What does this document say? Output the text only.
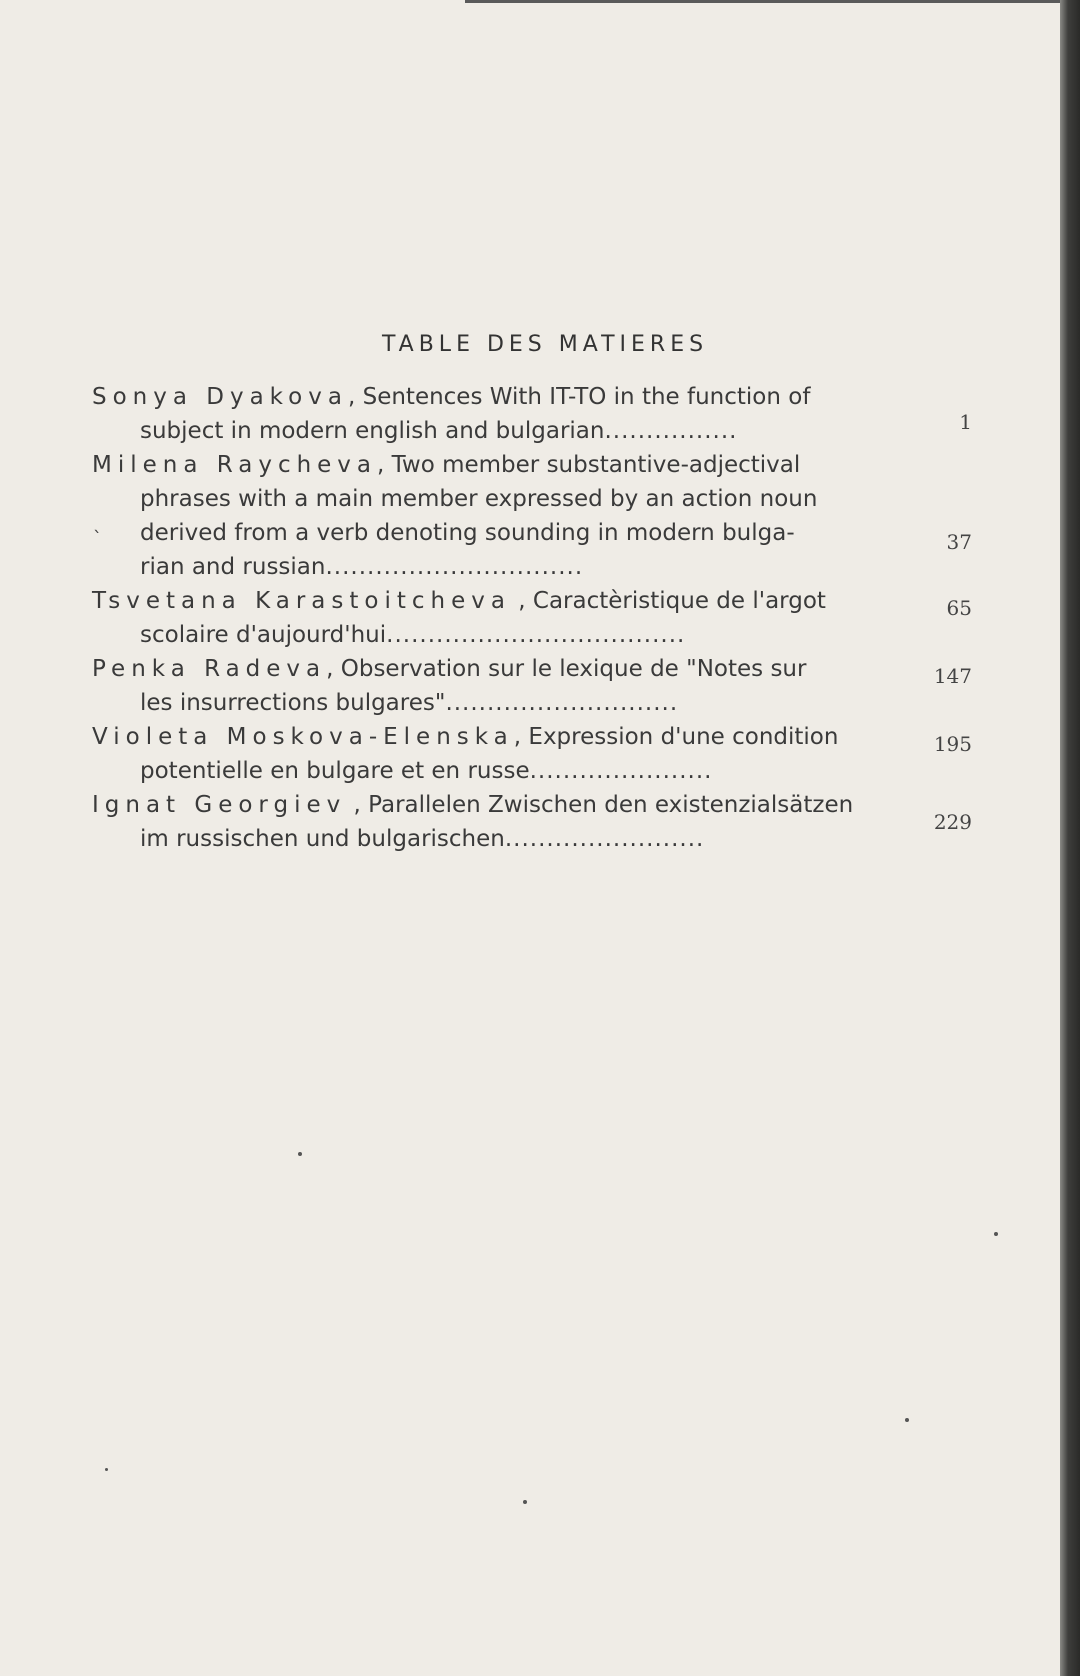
TABLE DES MATIERES
`
Sonya Dyakova, Sentences With IT-TO in the function of
subject in modern english and bulgarian................	1
Milena Raycheva, Two member substantive-adjectival
phrases with a main member expressed by an action noun
derived from a verb denoting sounding in modern bulga-
rian and russian...............................
37
Tsvetana Karastoitcheva , Caractèristique de l'argot
scolaire d'aujourd'hui....................................
65
Penka Radeva, Observation sur le lexique de "Notes sur
les insurrections bulgares"............................
147
Violeta Moskova-Elenska, Expression d'une condition
potentielle en bulgare et en russe......................
195
Ignat Georgiev , Parallelen Zwischen den existenzialsätzen
im russischen und bulgarischen........................
229
